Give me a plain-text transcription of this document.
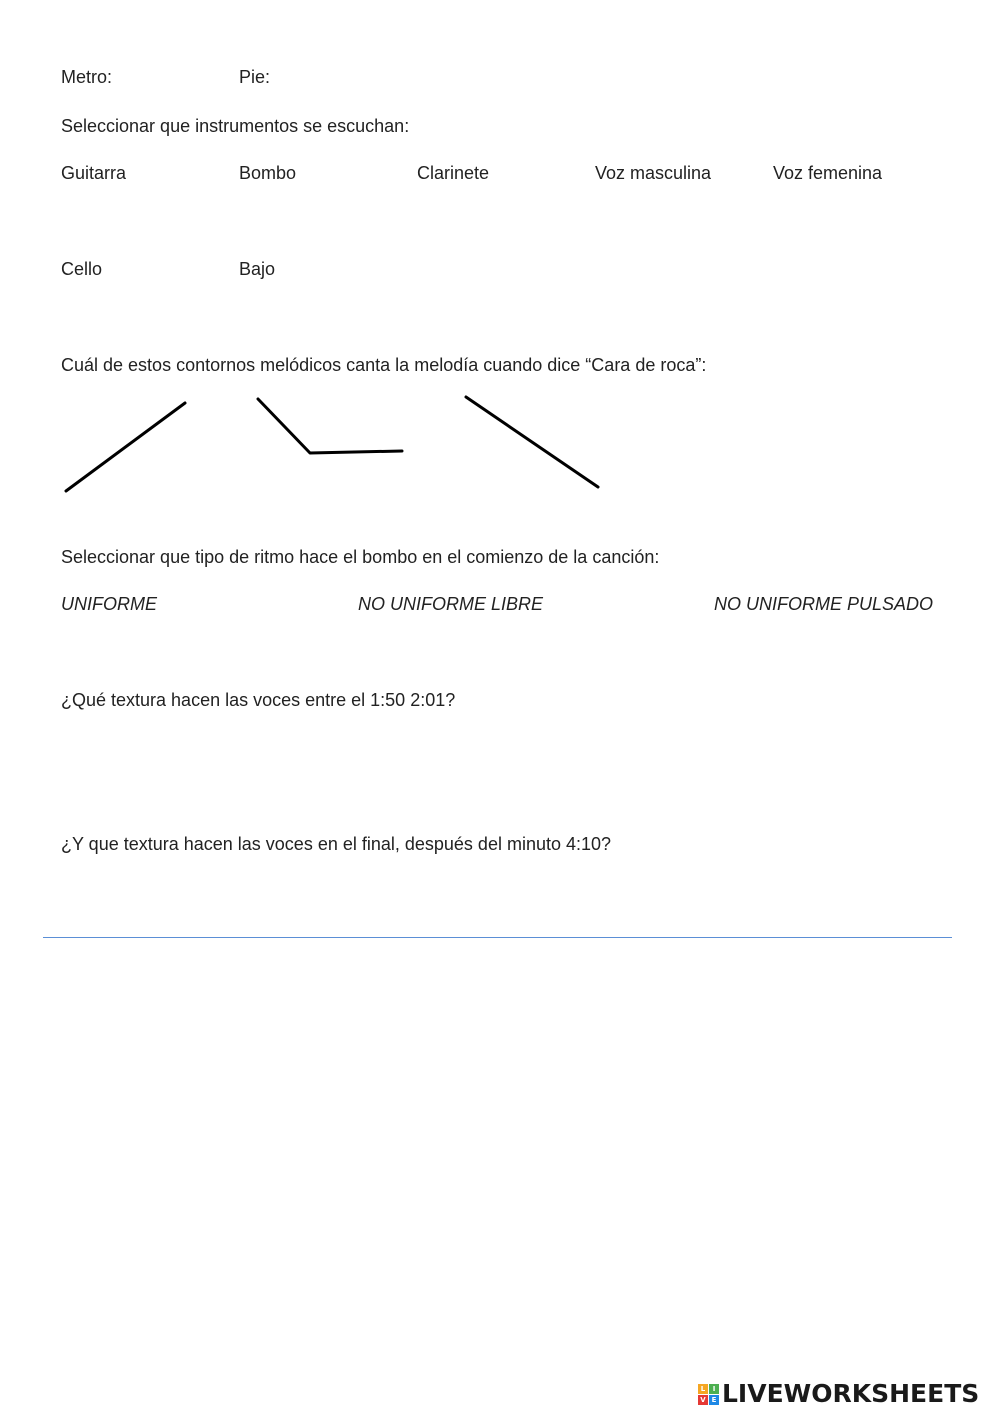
Metro:	Pie:
Seleccionar que instrumentos se escuchan:
Guitarra	Bombo	Clarinete	Voz masculina	Voz femenina
Cello	Bajo
Cuál de estos contornos melódicos canta la melodía cuando dice “Cara de roca”:
Seleccionar que tipo de ritmo hace el bombo en el comienzo de la canción:
UNIFORME	NO UNIFORME LIBRE	NO UNIFORME PULSADO
¿Qué textura hacen las voces entre el 1:50 2:01?
¿Y que textura hacen las voces en el final, después del minuto 4:10?
L	I
V E LIVEWORKSHEETS
